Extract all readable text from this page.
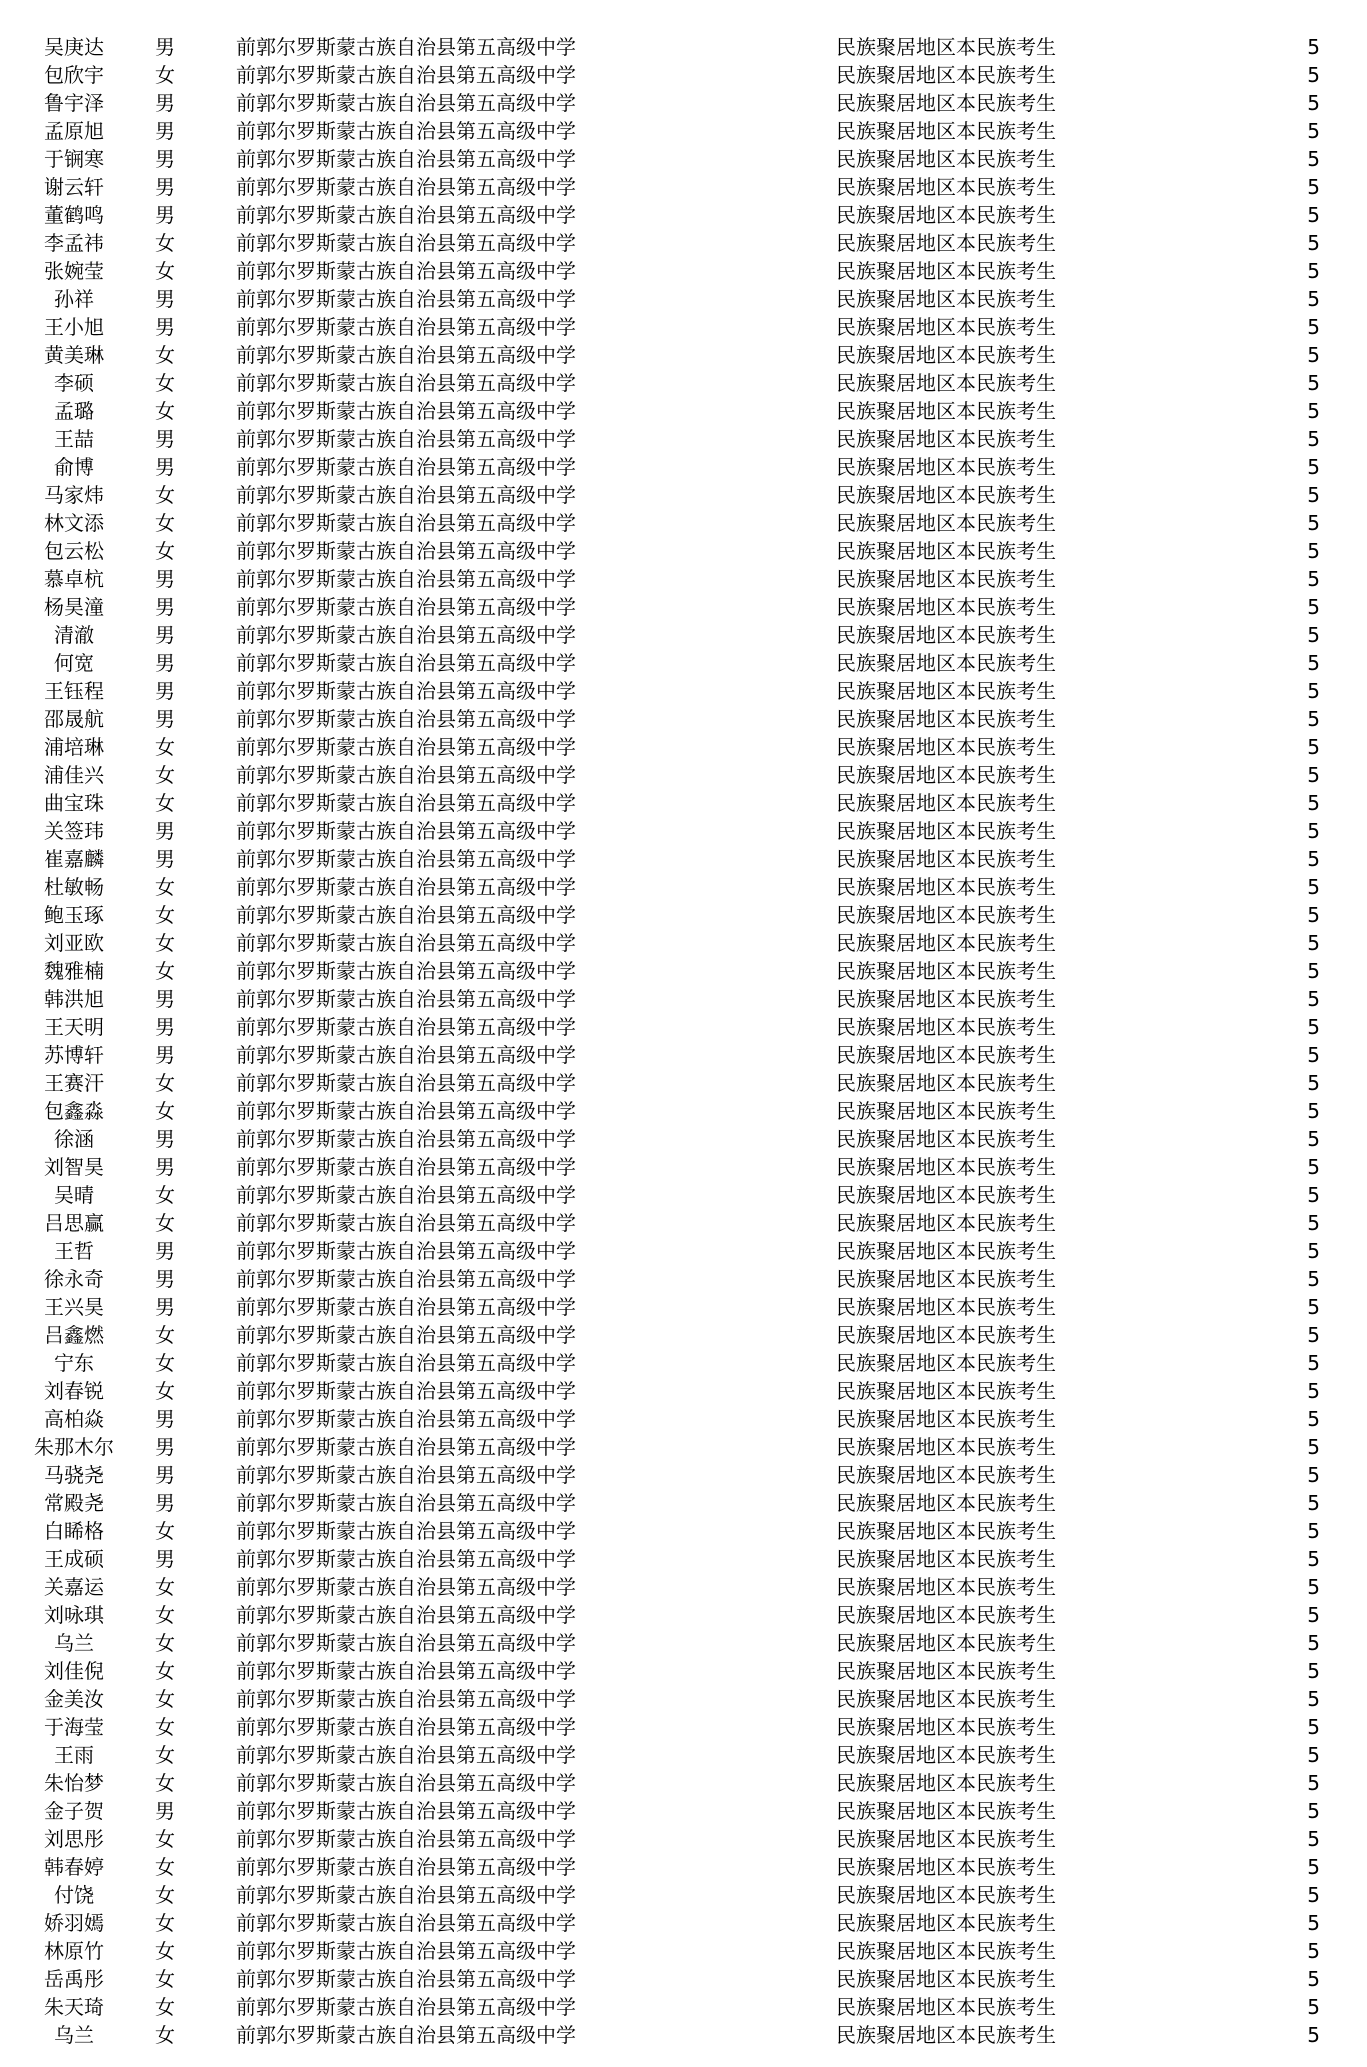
吴庚达	男	前郭尔罗斯蒙古族自治县第五高级中学	民族聚居地区本民族考生	5
包欣宇	女	前郭尔罗斯蒙古族自治县第五高级中学	民族聚居地区本民族考生	5
鲁宇泽	男	前郭尔罗斯蒙古族自治县第五高级中学	民族聚居地区本民族考生	5
孟原旭	男	前郭尔罗斯蒙古族自治县第五高级中学	民族聚居地区本民族考生	5
于锎寒	男	前郭尔罗斯蒙古族自治县第五高级中学	民族聚居地区本民族考生	5
谢云轩	男	前郭尔罗斯蒙古族自治县第五高级中学	民族聚居地区本民族考生	5
董鹤鸣	男	前郭尔罗斯蒙古族自治县第五高级中学	民族聚居地区本民族考生	5
李孟祎	女	前郭尔罗斯蒙古族自治县第五高级中学	民族聚居地区本民族考生	5
张婉莹	女	前郭尔罗斯蒙古族自治县第五高级中学	民族聚居地区本民族考生	5
孙祥	男	前郭尔罗斯蒙古族自治县第五高级中学	民族聚居地区本民族考生	5
王小旭	男	前郭尔罗斯蒙古族自治县第五高级中学	民族聚居地区本民族考生	5
黄美琳	女	前郭尔罗斯蒙古族自治县第五高级中学	民族聚居地区本民族考生	5
李硕	女	前郭尔罗斯蒙古族自治县第五高级中学	民族聚居地区本民族考生	5
孟璐	女	前郭尔罗斯蒙古族自治县第五高级中学	民族聚居地区本民族考生	5
王喆	男	前郭尔罗斯蒙古族自治县第五高级中学	民族聚居地区本民族考生	5
俞博	男	前郭尔罗斯蒙古族自治县第五高级中学	民族聚居地区本民族考生	5
马家炜	女	前郭尔罗斯蒙古族自治县第五高级中学	民族聚居地区本民族考生	5
林文添	女	前郭尔罗斯蒙古族自治县第五高级中学	民族聚居地区本民族考生	5
包云松	女	前郭尔罗斯蒙古族自治县第五高级中学	民族聚居地区本民族考生	5
慕卓杭	男	前郭尔罗斯蒙古族自治县第五高级中学	民族聚居地区本民族考生	5
杨昊潼	男	前郭尔罗斯蒙古族自治县第五高级中学	民族聚居地区本民族考生	5
清澈	男	前郭尔罗斯蒙古族自治县第五高级中学	民族聚居地区本民族考生	5
何宽	男	前郭尔罗斯蒙古族自治县第五高级中学	民族聚居地区本民族考生	5
王钰程	男	前郭尔罗斯蒙古族自治县第五高级中学	民族聚居地区本民族考生	5
邵晟航	男	前郭尔罗斯蒙古族自治县第五高级中学	民族聚居地区本民族考生	5
浦培琳	女	前郭尔罗斯蒙古族自治县第五高级中学	民族聚居地区本民族考生	5
浦佳兴	女	前郭尔罗斯蒙古族自治县第五高级中学	民族聚居地区本民族考生	5
曲宝珠	女	前郭尔罗斯蒙古族自治县第五高级中学	民族聚居地区本民族考生	5
关签玮	男	前郭尔罗斯蒙古族自治县第五高级中学	民族聚居地区本民族考生	5
崔嘉麟	男	前郭尔罗斯蒙古族自治县第五高级中学	民族聚居地区本民族考生	5
杜敏畅	女	前郭尔罗斯蒙古族自治县第五高级中学	民族聚居地区本民族考生	5
鲍玉琢	女	前郭尔罗斯蒙古族自治县第五高级中学	民族聚居地区本民族考生	5
刘亚欧	女	前郭尔罗斯蒙古族自治县第五高级中学	民族聚居地区本民族考生	5
魏雅楠	女	前郭尔罗斯蒙古族自治县第五高级中学	民族聚居地区本民族考生	5
韩洪旭	男	前郭尔罗斯蒙古族自治县第五高级中学	民族聚居地区本民族考生	5
王天明	男	前郭尔罗斯蒙古族自治县第五高级中学	民族聚居地区本民族考生	5
苏博轩	男	前郭尔罗斯蒙古族自治县第五高级中学	民族聚居地区本民族考生	5
王赛汗	女	前郭尔罗斯蒙古族自治县第五高级中学	民族聚居地区本民族考生	5
包鑫淼	女	前郭尔罗斯蒙古族自治县第五高级中学	民族聚居地区本民族考生	5
徐涵	男	前郭尔罗斯蒙古族自治县第五高级中学	民族聚居地区本民族考生	5
刘智昊	男	前郭尔罗斯蒙古族自治县第五高级中学	民族聚居地区本民族考生	5
吴晴	女	前郭尔罗斯蒙古族自治县第五高级中学	民族聚居地区本民族考生	5
吕思赢	女	前郭尔罗斯蒙古族自治县第五高级中学	民族聚居地区本民族考生	5
王哲	男	前郭尔罗斯蒙古族自治县第五高级中学	民族聚居地区本民族考生	5
徐永奇	男	前郭尔罗斯蒙古族自治县第五高级中学	民族聚居地区本民族考生	5
王兴昊	男	前郭尔罗斯蒙古族自治县第五高级中学	民族聚居地区本民族考生	5
吕鑫燃	女	前郭尔罗斯蒙古族自治县第五高级中学	民族聚居地区本民族考生	5
宁东	女	前郭尔罗斯蒙古族自治县第五高级中学	民族聚居地区本民族考生	5
刘春锐	女	前郭尔罗斯蒙古族自治县第五高级中学	民族聚居地区本民族考生	5
高柏焱	男	前郭尔罗斯蒙古族自治县第五高级中学	民族聚居地区本民族考生	5
朱那木尔	男	前郭尔罗斯蒙古族自治县第五高级中学	民族聚居地区本民族考生	5
马骁尧	男	前郭尔罗斯蒙古族自治县第五高级中学	民族聚居地区本民族考生	5
常殿尧	男	前郭尔罗斯蒙古族自治县第五高级中学	民族聚居地区本民族考生	5
白睎格	女	前郭尔罗斯蒙古族自治县第五高级中学	民族聚居地区本民族考生	5
王成硕	男	前郭尔罗斯蒙古族自治县第五高级中学	民族聚居地区本民族考生	5
关嘉运	女	前郭尔罗斯蒙古族自治县第五高级中学	民族聚居地区本民族考生	5
刘咏琪	女	前郭尔罗斯蒙古族自治县第五高级中学	民族聚居地区本民族考生	5
乌兰	女	前郭尔罗斯蒙古族自治县第五高级中学	民族聚居地区本民族考生	5
刘佳倪	女	前郭尔罗斯蒙古族自治县第五高级中学	民族聚居地区本民族考生	5
金美汝	女	前郭尔罗斯蒙古族自治县第五高级中学	民族聚居地区本民族考生	5
于海莹	女	前郭尔罗斯蒙古族自治县第五高级中学	民族聚居地区本民族考生	5
王雨	女	前郭尔罗斯蒙古族自治县第五高级中学	民族聚居地区本民族考生	5
朱怡梦	女	前郭尔罗斯蒙古族自治县第五高级中学	民族聚居地区本民族考生	5
金子贺	男	前郭尔罗斯蒙古族自治县第五高级中学	民族聚居地区本民族考生	5
刘思彤	女	前郭尔罗斯蒙古族自治县第五高级中学	民族聚居地区本民族考生	5
韩春婷	女	前郭尔罗斯蒙古族自治县第五高级中学	民族聚居地区本民族考生	5
付饶	女	前郭尔罗斯蒙古族自治县第五高级中学	民族聚居地区本民族考生	5
娇羽嫣	女	前郭尔罗斯蒙古族自治县第五高级中学	民族聚居地区本民族考生	5
林原竹	女	前郭尔罗斯蒙古族自治县第五高级中学	民族聚居地区本民族考生	5
岳禹彤	女	前郭尔罗斯蒙古族自治县第五高级中学	民族聚居地区本民族考生	5
朱天琦	女	前郭尔罗斯蒙古族自治县第五高级中学	民族聚居地区本民族考生	5
乌兰	女	前郭尔罗斯蒙古族自治县第五高级中学	民族聚居地区本民族考生	5
